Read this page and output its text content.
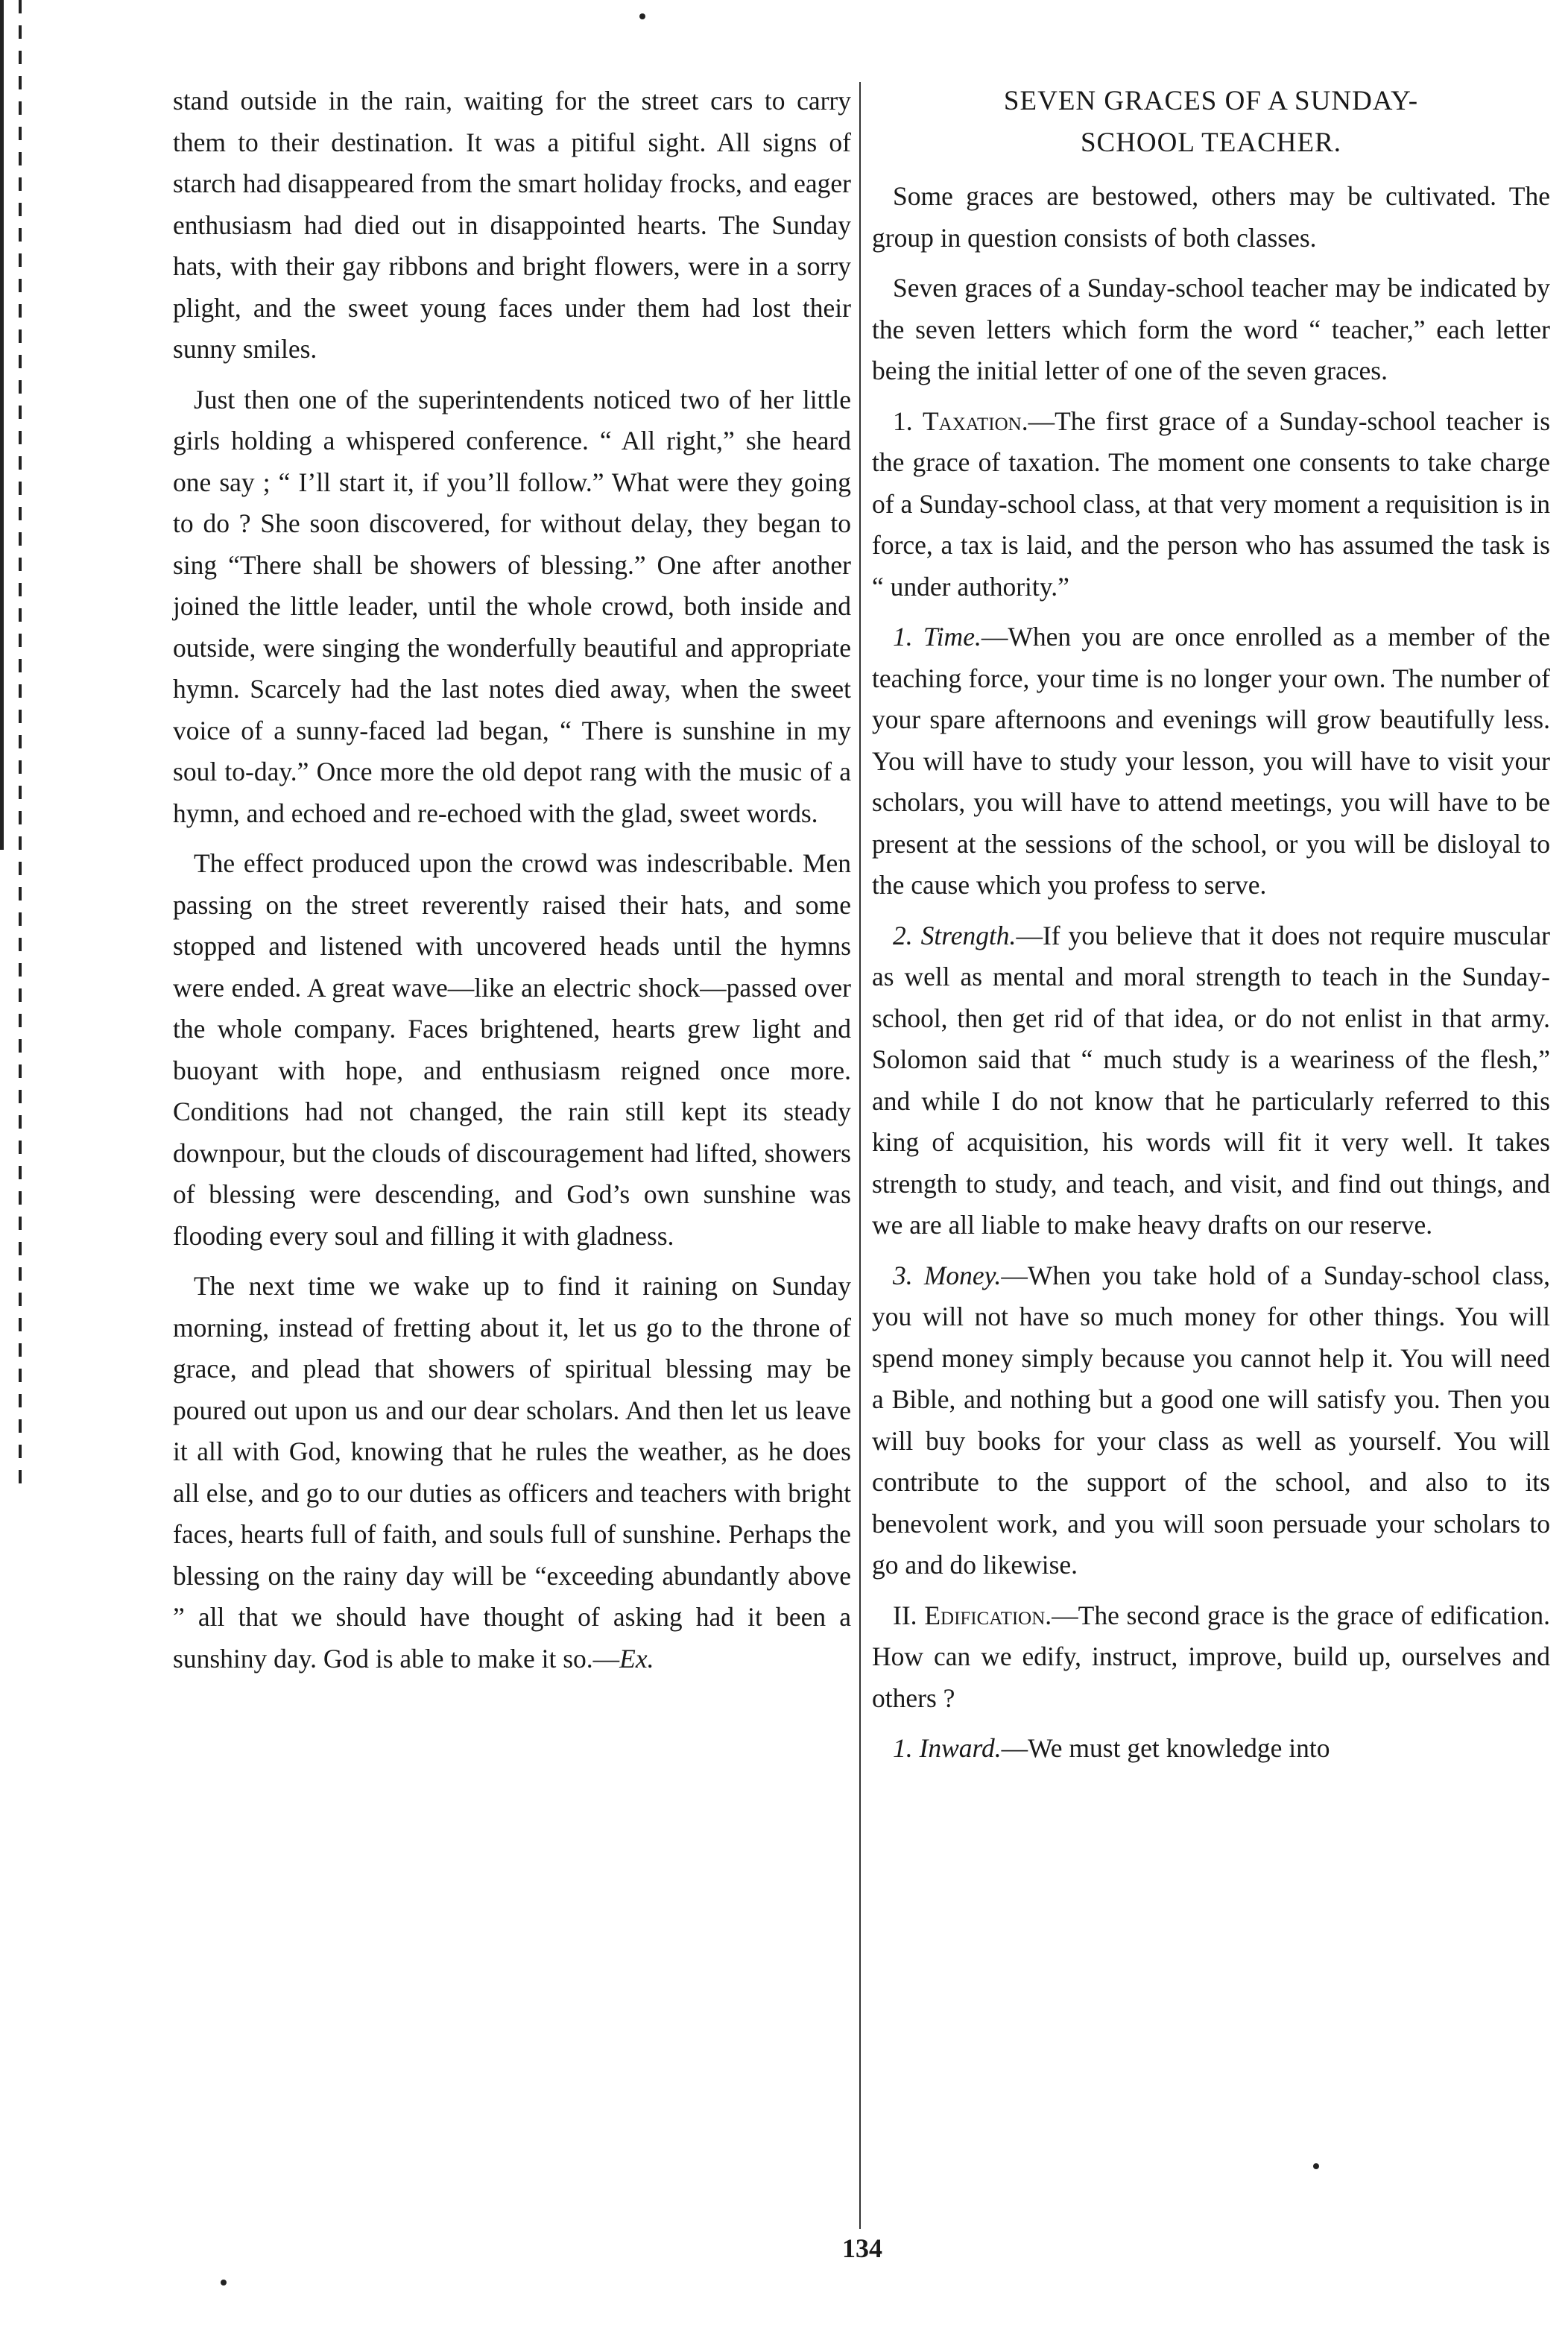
stand outside in the rain, waiting for the street cars to carry them to their destination. It was a pitiful sight. All signs of starch had disappeared from the smart holiday frocks, and eager enthusiasm had died out in disappointed hearts. The Sunday hats, with their gay ribbons and bright flowers, were in a sorry plight, and the sweet young faces under them had lost their sunny smiles.

Just then one of the superintendents noticed two of her little girls holding a whispered conference. “ All right,” she heard one say ; “ I’ll start it, if you’ll follow.” What were they going to do ? She soon discovered, for without delay, they began to sing “There shall be showers of blessing.” One after another joined the little leader, until the whole crowd, both inside and outside, were singing the wonderfully beautiful and appropriate hymn. Scarcely had the last notes died away, when the sweet voice of a sunny-faced lad began, “ There is sunshine in my soul to-day.” Once more the old depot rang with the music of a hymn, and echoed and re-echoed with the glad, sweet words.

The effect produced upon the crowd was indescribable. Men passing on the street reverently raised their hats, and some stopped and listened with uncovered heads until the hymns were ended. A great wave—like an electric shock—passed over the whole company. Faces brightened, hearts grew light and buoyant with hope, and enthusiasm reigned once more. Conditions had not changed, the rain still kept its steady downpour, but the clouds of discouragement had lifted, showers of blessing were descending, and God’s own sunshine was flooding every soul and filling it with gladness.

The next time we wake up to find it raining on Sunday morning, instead of fretting about it, let us go to the throne of grace, and plead that showers of spiritual blessing may be poured out upon us and our dear scholars. And then let us leave it all with God, knowing that he rules the weather, as he does all else, and go to our duties as officers and teachers with bright faces, hearts full of faith, and souls full of sunshine. Perhaps the blessing on the rainy day will be “exceeding abundantly above ” all that we should have thought of asking had it been a sunshiny day. God is able to make it so.—Ex.

SEVEN GRACES OF A SUNDAY-
SCHOOL TEACHER.

Some graces are bestowed, others may be cultivated. The group in question consists of both classes.

Seven graces of a Sunday-school teacher may be indicated by the seven letters which form the word “ teacher,” each letter being the initial letter of one of the seven graces.

1. Taxation.—The first grace of a Sunday-school teacher is the grace of taxation. The moment one consents to take charge of a Sunday-school class, at that very moment a requisition is in force, a tax is laid, and the person who has assumed the task is “ under authority.”

1. Time.—When you are once enrolled as a member of the teaching force, your time is no longer your own. The number of your spare afternoons and evenings will grow beautifully less. You will have to study your lesson, you will have to visit your scholars, you will have to attend meetings, you will have to be present at the sessions of the school, or you will be disloyal to the cause which you profess to serve.

2. Strength.—If you believe that it does not require muscular as well as mental and moral strength to teach in the Sunday-school, then get rid of that idea, or do not enlist in that army. Solomon said that “ much study is a weariness of the flesh,” and while I do not know that he particularly referred to this king of acquisition, his words will fit it very well. It takes strength to study, and teach, and visit, and find out things, and we are all liable to make heavy drafts on our reserve.

3. Money.—When you take hold of a Sunday-school class, you will not have so much money for other things. You will spend money simply because you cannot help it. You will need a Bible, and nothing but a good one will satisfy you. Then you will buy books for your class as well as yourself. You will contribute to the support of the school, and also to its benevolent work, and you will soon persuade your scholars to go and do likewise.

II. Edification.—The second grace is the grace of edification. How can we edify, instruct, improve, build up, ourselves and others ?

1. Inward.—We must get knowledge into

134
